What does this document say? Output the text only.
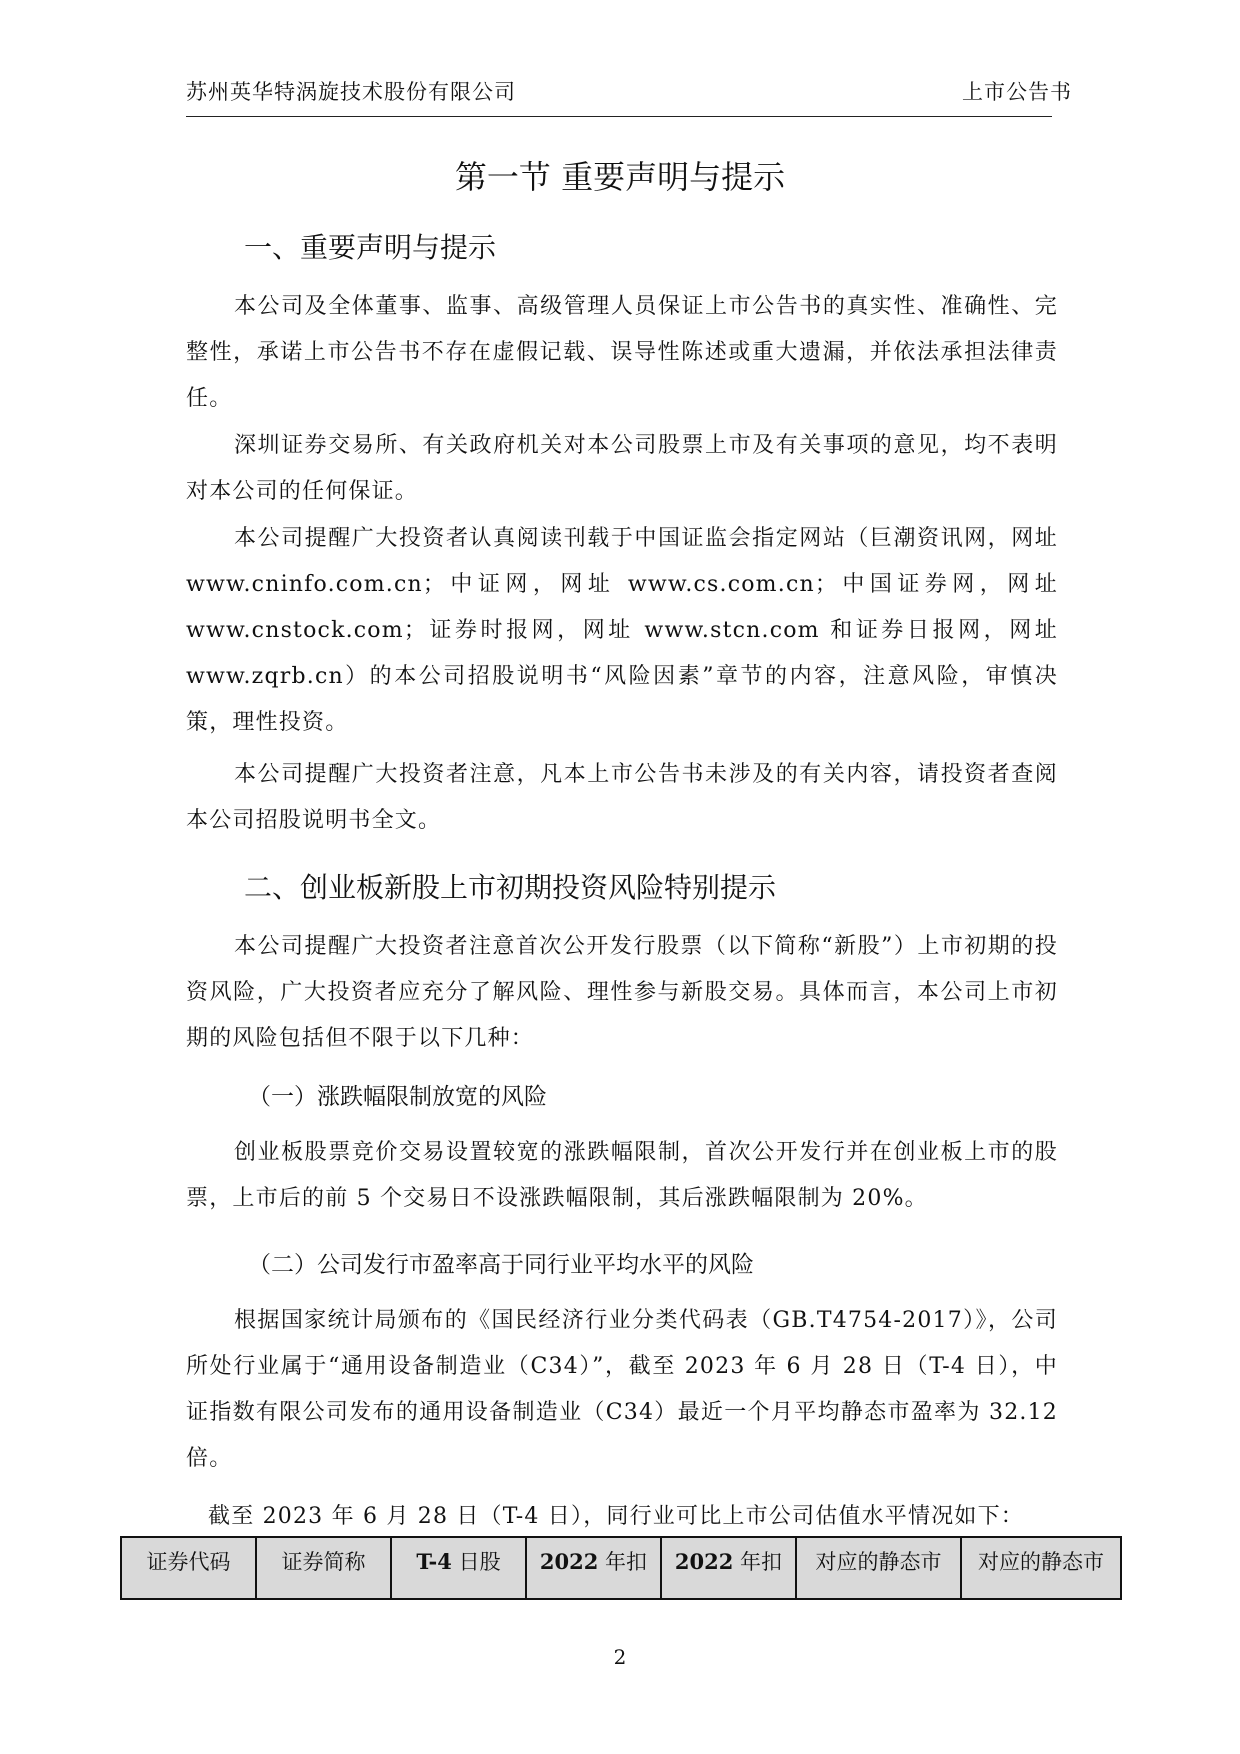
苏州英华特涡旋技术股份有限公司	上市公告书
第一节 重要声明与提示
一、重要声明与提示

本公司及全体董事、监事、高级管理人员保证上市公告书的真实性、准确性、完整性，承诺上市公告书不存在虚假记载、误导性陈述或重大遗漏，并依法承担法律责任。

深圳证券交易所、有关政府机关对本公司股票上市及有关事项的意见，均不表明对本公司的任何保证。

本公司提醒广大投资者认真阅读刊载于中国证监会指定网站（巨潮资讯网，网址 www.cninfo.com.cn；中证网，网址 www.cs.com.cn；中国证券网，网址 www.cnstock.com；证券时报网，网址 www.stcn.com 和证券日报网，网址 www.zqrb.cn）的本公司招股说明书“风险因素”章节的内容，注意风险，审慎决策，理性投资。

本公司提醒广大投资者注意，凡本上市公告书未涉及的有关内容，请投资者查阅本公司招股说明书全文。

二、创业板新股上市初期投资风险特别提示

本公司提醒广大投资者注意首次公开发行股票（以下简称“新股”）上市初期的投资风险，广大投资者应充分了解风险、理性参与新股交易。具体而言，本公司上市初期的风险包括但不限于以下几种：

（一）涨跌幅限制放宽的风险

创业板股票竞价交易设置较宽的涨跌幅限制，首次公开发行并在创业板上市的股票，上市后的前 5 个交易日不设涨跌幅限制，其后涨跌幅限制为 20%。

（二）公司发行市盈率高于同行业平均水平的风险

根据国家统计局颁布的《国民经济行业分类代码表（GB.T4754-2017）》，公司所处行业属于“通用设备制造业（C34）”，截至 2023 年 6 月 28 日（T-4 日），中证指数有限公司发布的通用设备制造业（C34）最近一个月平均静态市盈率为 32.12 倍。

截至 2023 年 6 月 28 日（T-4 日），同行业可比上市公司估值水平情况如下：
证券代码	证券简称	T-4 日股	2022 年扣	2022 年扣	对应的静态市	对应的静态市
2
